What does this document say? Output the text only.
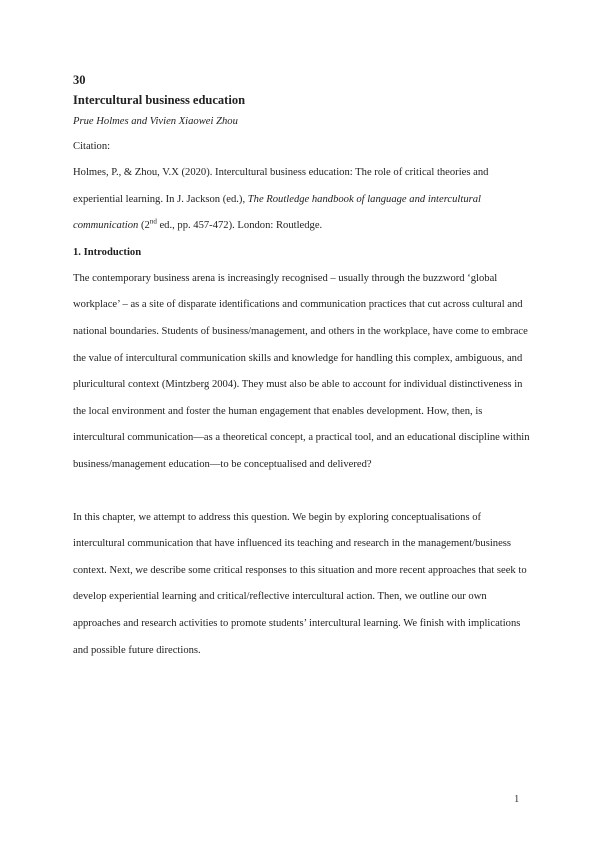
30

Intercultural business education

Prue Holmes and Vivien Xiaowei Zhou

Citation:

Holmes, P., & Zhou, V.X (2020). Intercultural business education: The role of critical theories and experiential learning. In J. Jackson (ed.), The Routledge handbook of language and intercultural communication (2nd ed., pp. 457-472). London: Routledge.

1. Introduction

The contemporary business arena is increasingly recognised – usually through the buzzword ‘global workplace’ – as a site of disparate identifications and communication practices that cut across cultural and national boundaries. Students of business/management, and others in the workplace, have come to embrace the value of intercultural communication skills and knowledge for handling this complex, ambiguous, and pluricultural context (Mintzberg 2004). They must also be able to account for individual distinctiveness in the local environment and foster the human engagement that enables development. How, then, is intercultural communication—as a theoretical concept, a practical tool, and an educational discipline within business/management education—to be conceptualised and delivered?

In this chapter, we attempt to address this question. We begin by exploring conceptualisations of intercultural communication that have influenced its teaching and research in the management/business context. Next, we describe some critical responses to this situation and more recent approaches that seek to develop experiential learning and critical/reflective intercultural action. Then, we outline our own approaches and research activities to promote students’ intercultural learning. We finish with implications and possible future directions.

1
